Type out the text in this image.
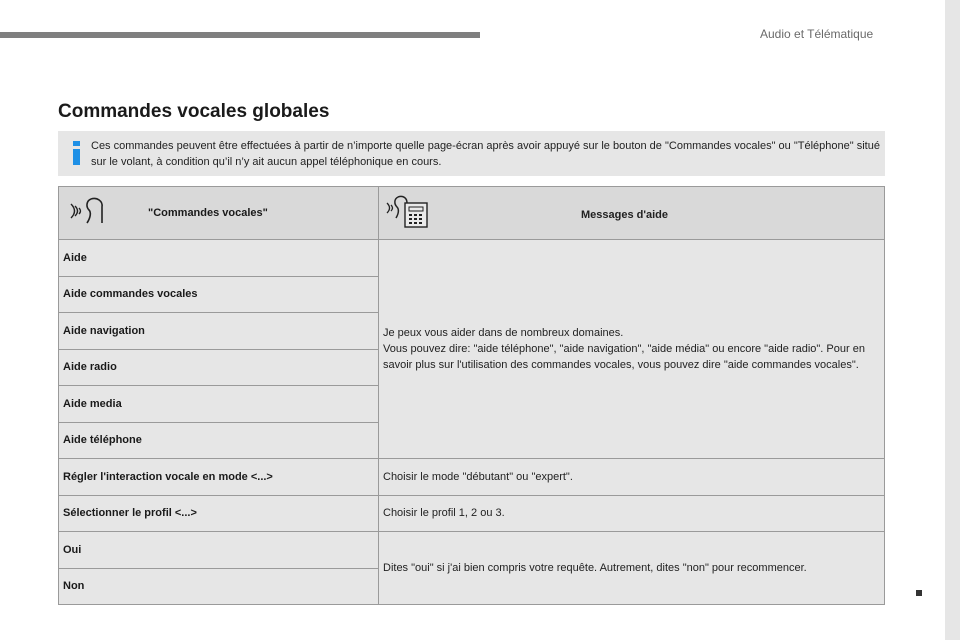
Audio et Télématique
Commandes vocales globales
Ces commandes peuvent être effectuées à partir de n’importe quelle page-écran après avoir appuyé sur le bouton de "Commandes vocales" ou "Téléphone" situé sur le volant, à condition qu’il n’y ait aucun appel téléphonique en cours.
"Commandes vocales"	Messages d'aide

Aide	Je peux vous aider dans de nombreux domaines.
Vous pouvez dire: "aide téléphone", "aide navigation", "aide média" ou encore "aide radio". Pour en savoir plus sur l'utilisation des commandes vocales, vous pouvez dire "aide commandes vocales".

Aide commandes vocales	
Aide navigation	
Aide radio	
Aide media	
Aide téléphone	
Régler l'interaction vocale en mode <...>	Choisir le mode "débutant" ou "expert".
Sélectionner le profil <...>	Choisir le profil 1, 2 ou 3.
Oui	Dites "oui" si j'ai bien compris votre requête. Autrement, dites "non" pour recommencer.
Non	
